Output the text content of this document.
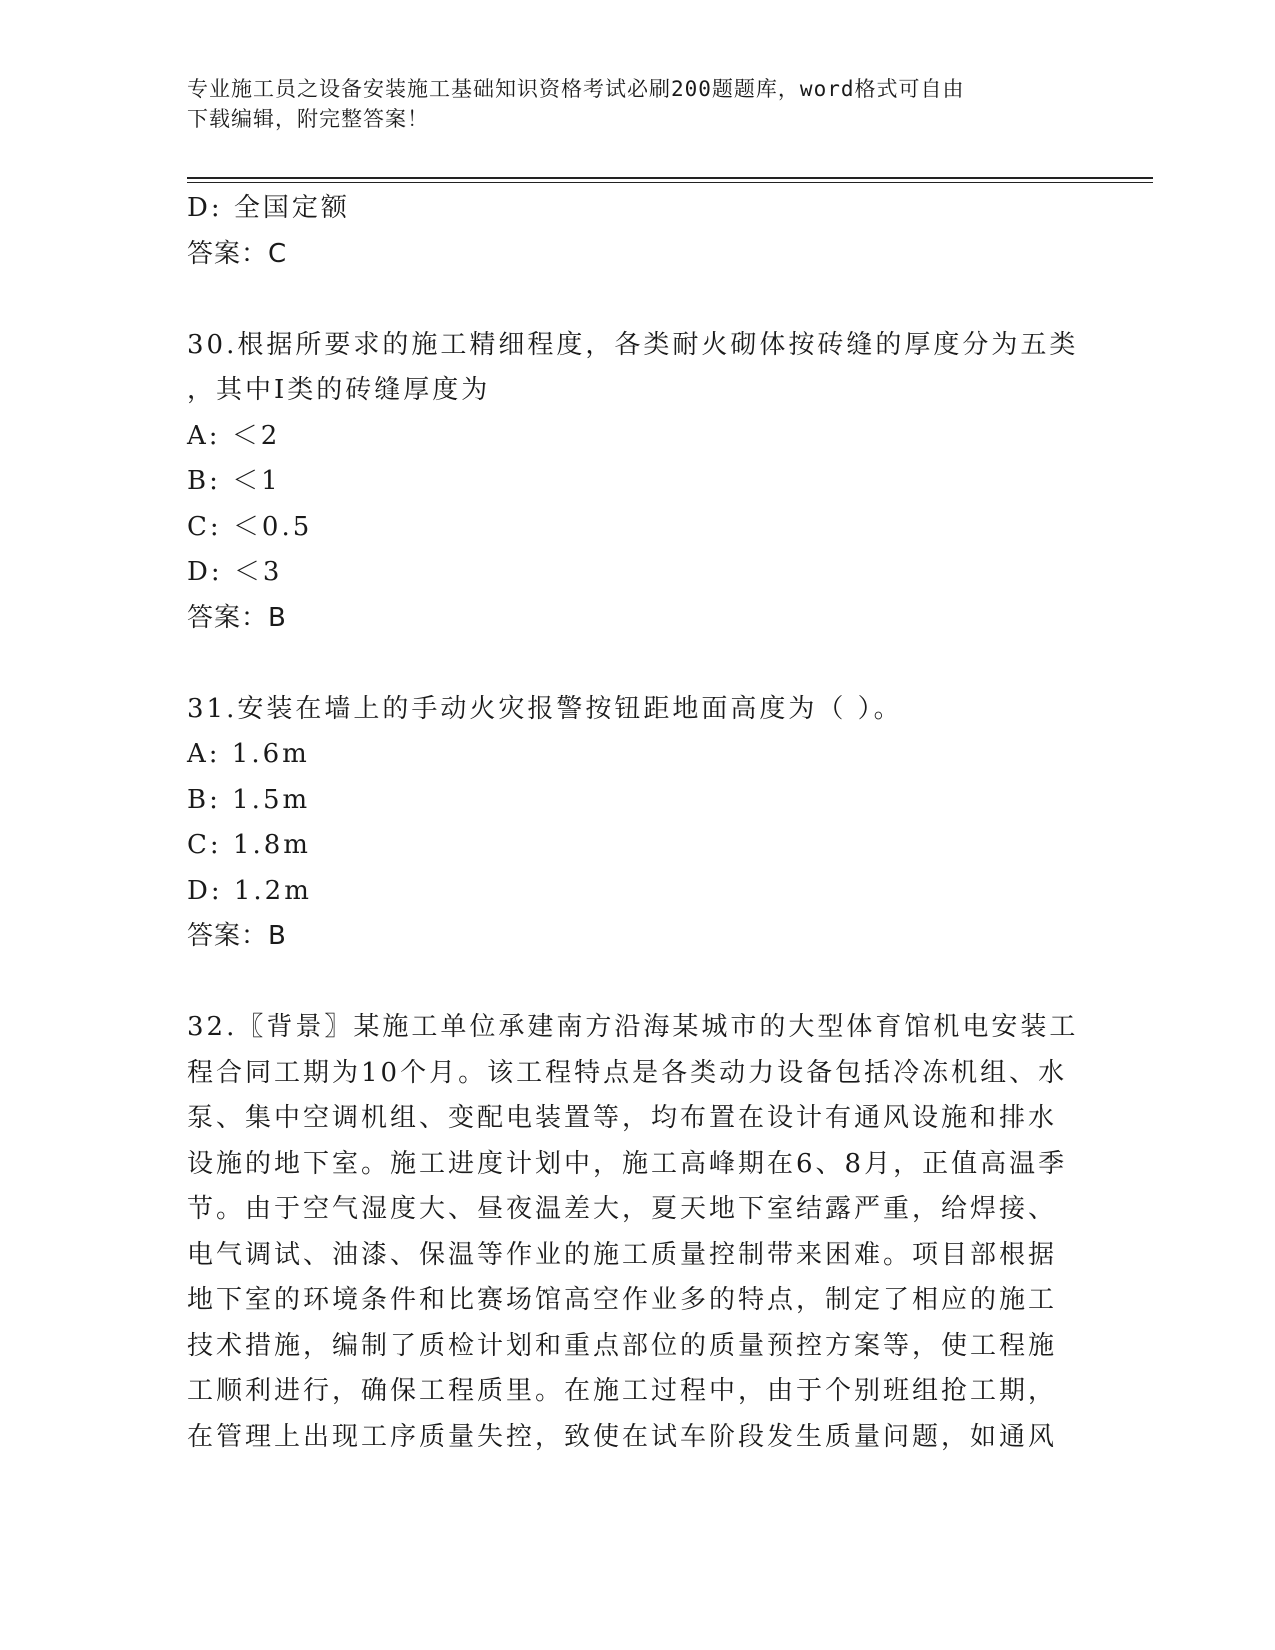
专业施工员之设备安装施工基础知识资格考试必刷200题题库，word格式可自由
下载编辑，附完整答案！
D: 全国定额
答案：C
30.根据所要求的施工精细程度，各类耐火砌体按砖缝的厚度分为五类
，其中Ⅰ类的砖缝厚度为
A: ＜2
B: ＜1
C: ＜0.5
D: ＜3
答案：B
31.安装在墙上的手动火灾报警按钮距地面高度为（ ）。
A: 1.6m
B: 1.5m
C: 1.8m
D: 1.2m
答案：B
32.〖背景〗某施工单位承建南方沿海某城市的大型体育馆机电安装工
程合同工期为10个月。该工程特点是各类动力设备包括冷冻机组、水
泵、集中空调机组、变配电装置等，均布置在设计有通风设施和排水
设施的地下室。施工进度计划中，施工高峰期在6、8月，正值高温季
节。由于空气湿度大、昼夜温差大，夏天地下室结露严重，给焊接、
电气调试、油漆、保温等作业的施工质量控制带来困难。项目部根据
地下室的环境条件和比赛场馆高空作业多的特点，制定了相应的施工
技术措施，编制了质检计划和重点部位的质量预控方案等，使工程施
工顺利进行，确保工程质里。在施工过程中，由于个别班组抢工期，
在管理上出现工序质量失控，致使在试车阶段发生质量问题，如通风
